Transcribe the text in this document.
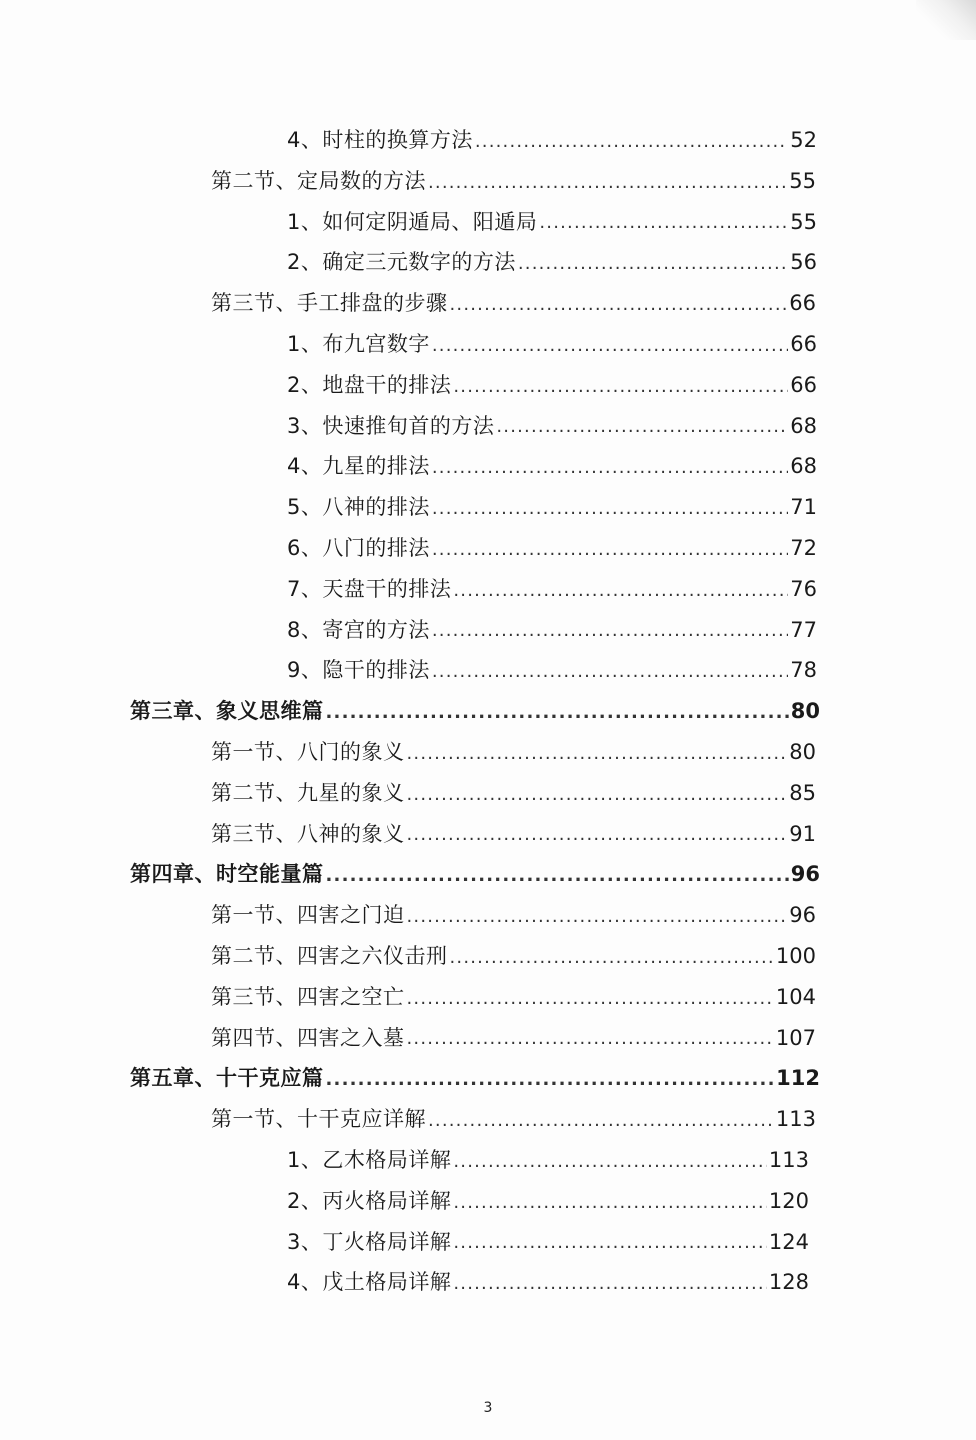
4、时柱的换算方法 .....	52
第二节、定局数的方法 .....	55
1、如何定阴遁局、阳遁局 .....	55
2、确定三元数字的方法 .....	56
第三节、手工排盘的步骤 .....	66
1、布九宫数字 .....	66
2、地盘干的排法 .....	66
3、快速推旬首的方法 .....	68
4、九星的排法 .....	68
5、八神的排法 .....	71
6、八门的排法 .....	72
7、天盘干的排法 .....	76
8、寄宫的方法 .....	77
9、隐干的排法 .....	78
第三章、象义思维篇 .....	80
第一节、八门的象义 .....	80
第二节、九星的象义 .....	85
第三节、八神的象义 .....	91
第四章、时空能量篇 .....	96
第一节、四害之门迫 .....	96
第二节、四害之六仪击刑 .....	100
第三节、四害之空亡 .....	104
第四节、四害之入墓 .....	107
第五章、十干克应篇 .....	112
第一节、十干克应详解 .....	113
1、乙木格局详解 .....	113
2、丙火格局详解 .....	120
3、丁火格局详解 .....	124
4、戊土格局详解 .....	128
3
